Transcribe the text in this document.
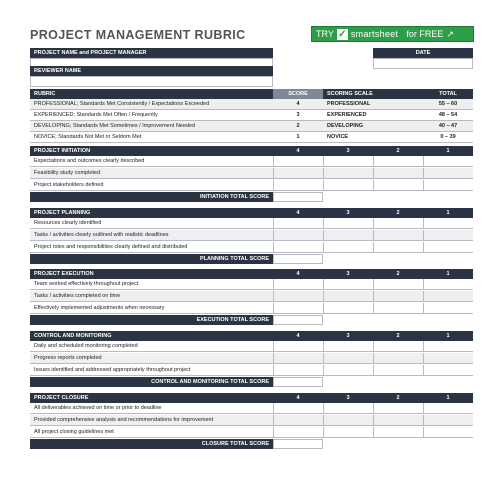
PROJECT MANAGEMENT RUBRIC	TRY ✓ smartsheet for FREE ↗
PROJECT NAME and PROJECT MANAGER	DATE
REVIEWER NAME
RUBRIC	SCORE	SCORING SCALE	TOTAL
PROFESSIONAL; Standards Met Consistently / Expectations Exceeded	4	PROFESSIONAL	55 – 60
EXPERIENCED; Standards Met Often / Frequently	3	EXPERIENCED	48 – 54
DEVELOPING; Standards Met Sometimes / Improvement Needed	2	DEVELOPING	40 – 47
NOVICE; Standards Not Met or Seldom Met	1	NOVICE	0 – 39
PROJECT INITIATION	4	3	2	1
Expectations and outcomes clearly described
Feasibility study completed
Project stakeholders defined
INITIATION TOTAL SCORE
PROJECT PLANNING	4	3	2	1
Resources clearly identified
Tasks / activities clearly outlined with realistic deadlines
Project roles and responsibilities clearly defined and distributed
PLANNING TOTAL SCORE
PROJECT EXECUTION	4	3	2	1
Team worked effectively throughout project
Tasks / activities completed on time
Effectively implemented adjustments when necessary
EXECUTION TOTAL SCORE
CONTROL AND MONITORING	4	3	2	1
Daily and scheduled monitoring completed
Progress reports completed
Issues identified and addressed appropriately throughout project
CONTROL AND MONITORING TOTAL SCORE
PROJECT CLOSURE	4	3	2	1
All deliverables achieved on time or prior to deadline
Provided comprehensive analysis and recommendations for improvement
All project closing guidelines met
CLOSURE TOTAL SCORE
